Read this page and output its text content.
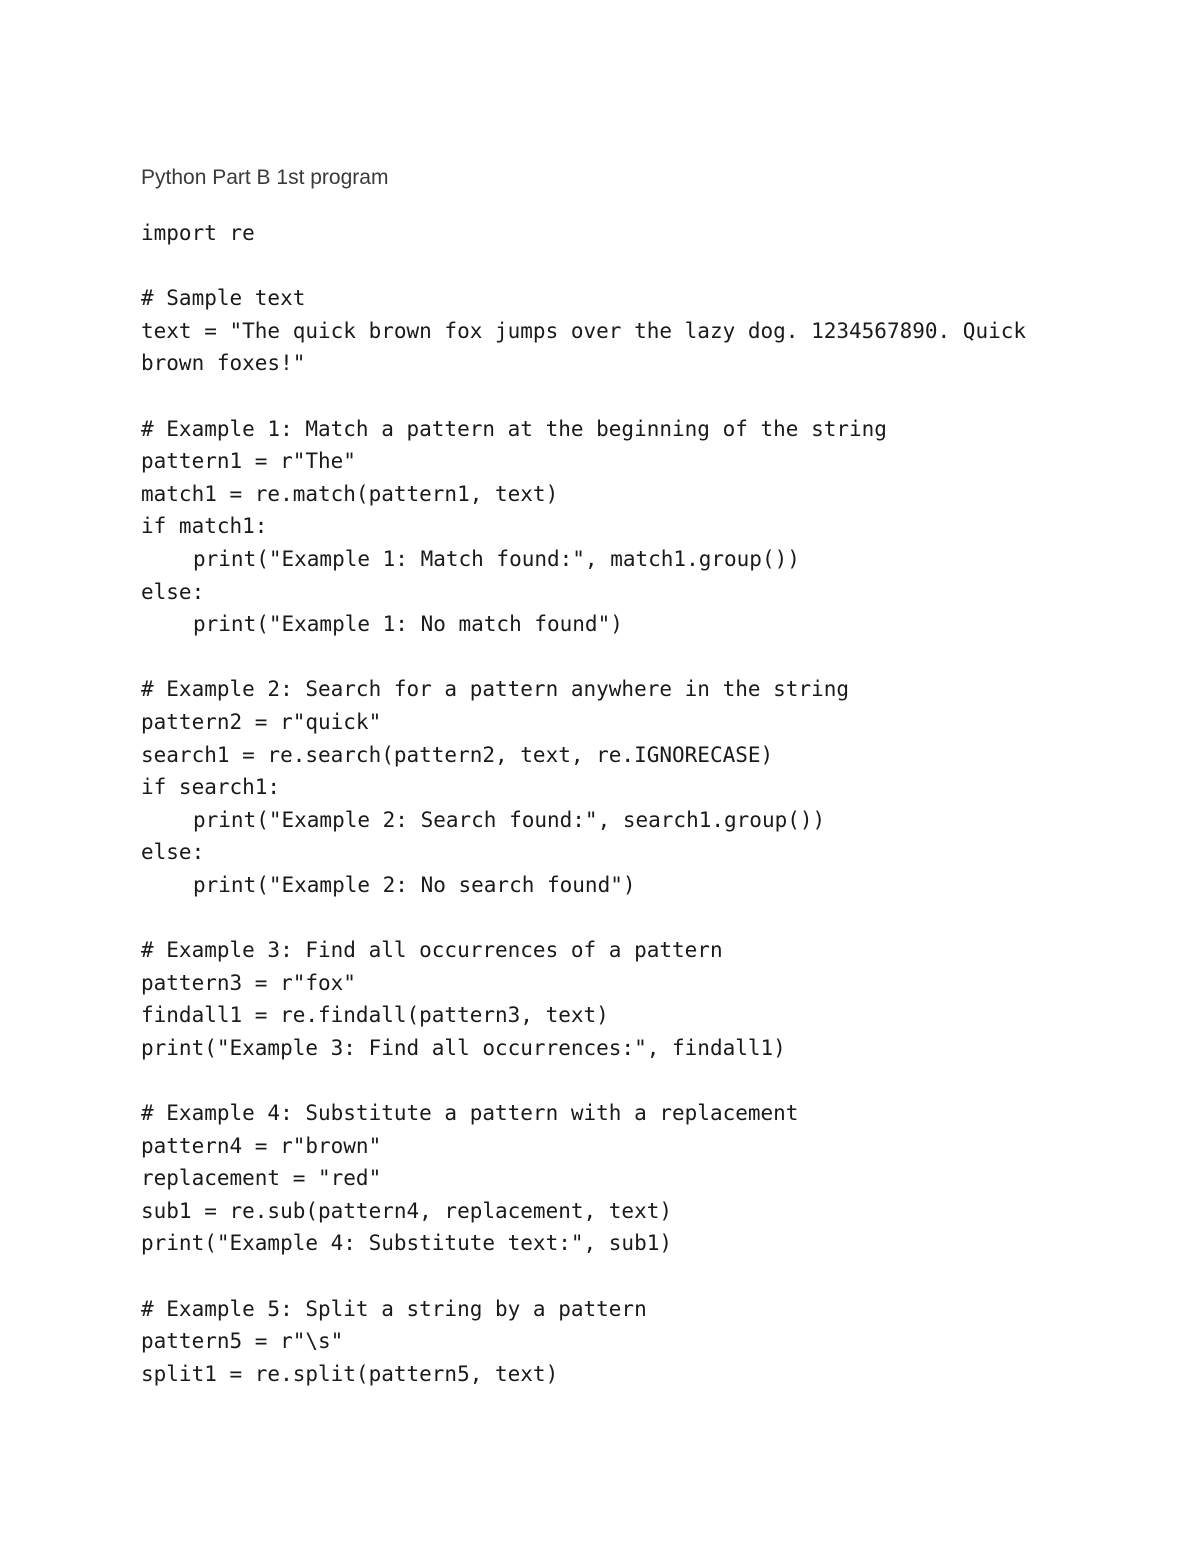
Python Part B 1st program
import re
# Sample text
text = "The quick brown fox jumps over the lazy dog. 1234567890. Quick
brown foxes!"
# Example 1: Match a pattern at the beginning of the string
pattern1 = r"The"
match1 = re.match(pattern1, text)
if match1:
print("Example 1: Match found:", match1.group())
else:
print("Example 1: No match found")
# Example 2: Search for a pattern anywhere in the string
pattern2 = r"quick"
search1 = re.search(pattern2, text, re.IGNORECASE)
if search1:
print("Example 2: Search found:", search1.group())
else:
print("Example 2: No search found")
# Example 3: Find all occurrences of a pattern
pattern3 = r"fox"
findall1 = re.findall(pattern3, text)
print("Example 3: Find all occurrences:", findall1)
# Example 4: Substitute a pattern with a replacement
pattern4 = r"brown"
replacement = "red"
sub1 = re.sub(pattern4, replacement, text)
print("Example 4: Substitute text:", sub1)
# Example 5: Split a string by a pattern
pattern5 = r"\s"
split1 = re.split(pattern5, text)
